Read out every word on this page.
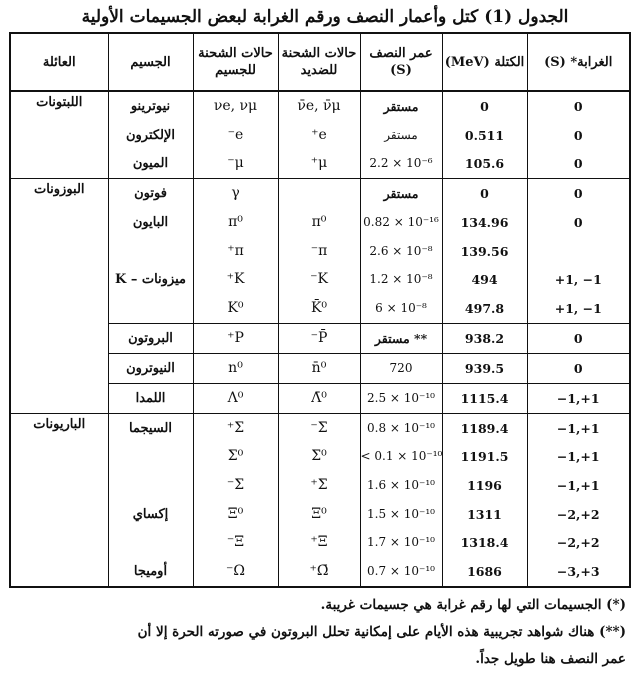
الجدول (1) كتل وأعمار النصف ورقم الغرابة لبعض الجسيمات الأولية
الغرابة* (S)	الكتلة (MeV)	عمر النصف (S)	حالات الشحنة للضديد	حالات الشحنة للجسيم	الجسيم	العائلة
0	0	مستقر	ν̄e, ν̄μ	νe, νμ	نيوترينو	اللبتونات
0	0.511	مستقر	e⁺	e⁻	الإلكترون	
0	105.6	2.2 × 10⁻⁶	μ⁺	μ⁻	الميون	
0	0	مستقر		γ	فوتون	البوزونات
0	134.96	0.82 × 10⁻¹⁶	π⁰	π⁰	البايون	
	139.56	2.6 × 10⁻⁸	π⁻	π⁺		
+1, −1	494	1.2 × 10⁻⁸	K⁻	K⁺	ميزونات – K	
+1, −1	497.8	6 × 10⁻⁸	K̄⁰	K⁰		
0	938.2	** مستقر	P̄⁻	P⁺	البروتون	
0	939.5	720	n̄⁰	n⁰	النيوترون	
−1,+1	1115.4	2.5 × 10⁻¹⁰	Λ̄⁰	Λ⁰	اللمدا	
−1,+1	1189.4	0.8 × 10⁻¹⁰	Σ̄⁻	Σ⁺	السيجما	الباريونات
−1,+1	1191.5	< 0.1 × 10⁻¹⁰	Σ̄⁰	Σ⁰		
−1,+1	1196	1.6 × 10⁻¹⁰	Σ̄⁺	Σ⁻		
−2,+2	1311	1.5 × 10⁻¹⁰	Ξ̄⁰	Ξ⁰	إكساي	
−2,+2	1318.4	1.7 × 10⁻¹⁰	Ξ̄⁺	Ξ⁻		
−3,+3	1686	0.7 × 10⁻¹⁰	Ω̄⁺	Ω⁻	أوميجا	
(*) الجسيمات التي لها رقم غرابة هي جسيمات غريبة.
(**) هناك شواهد تجريبية هذه الأيام على إمكانية تحلل البروتون في صورته الحرة إلا أن
عمر النصف هنا طويل جداً.
